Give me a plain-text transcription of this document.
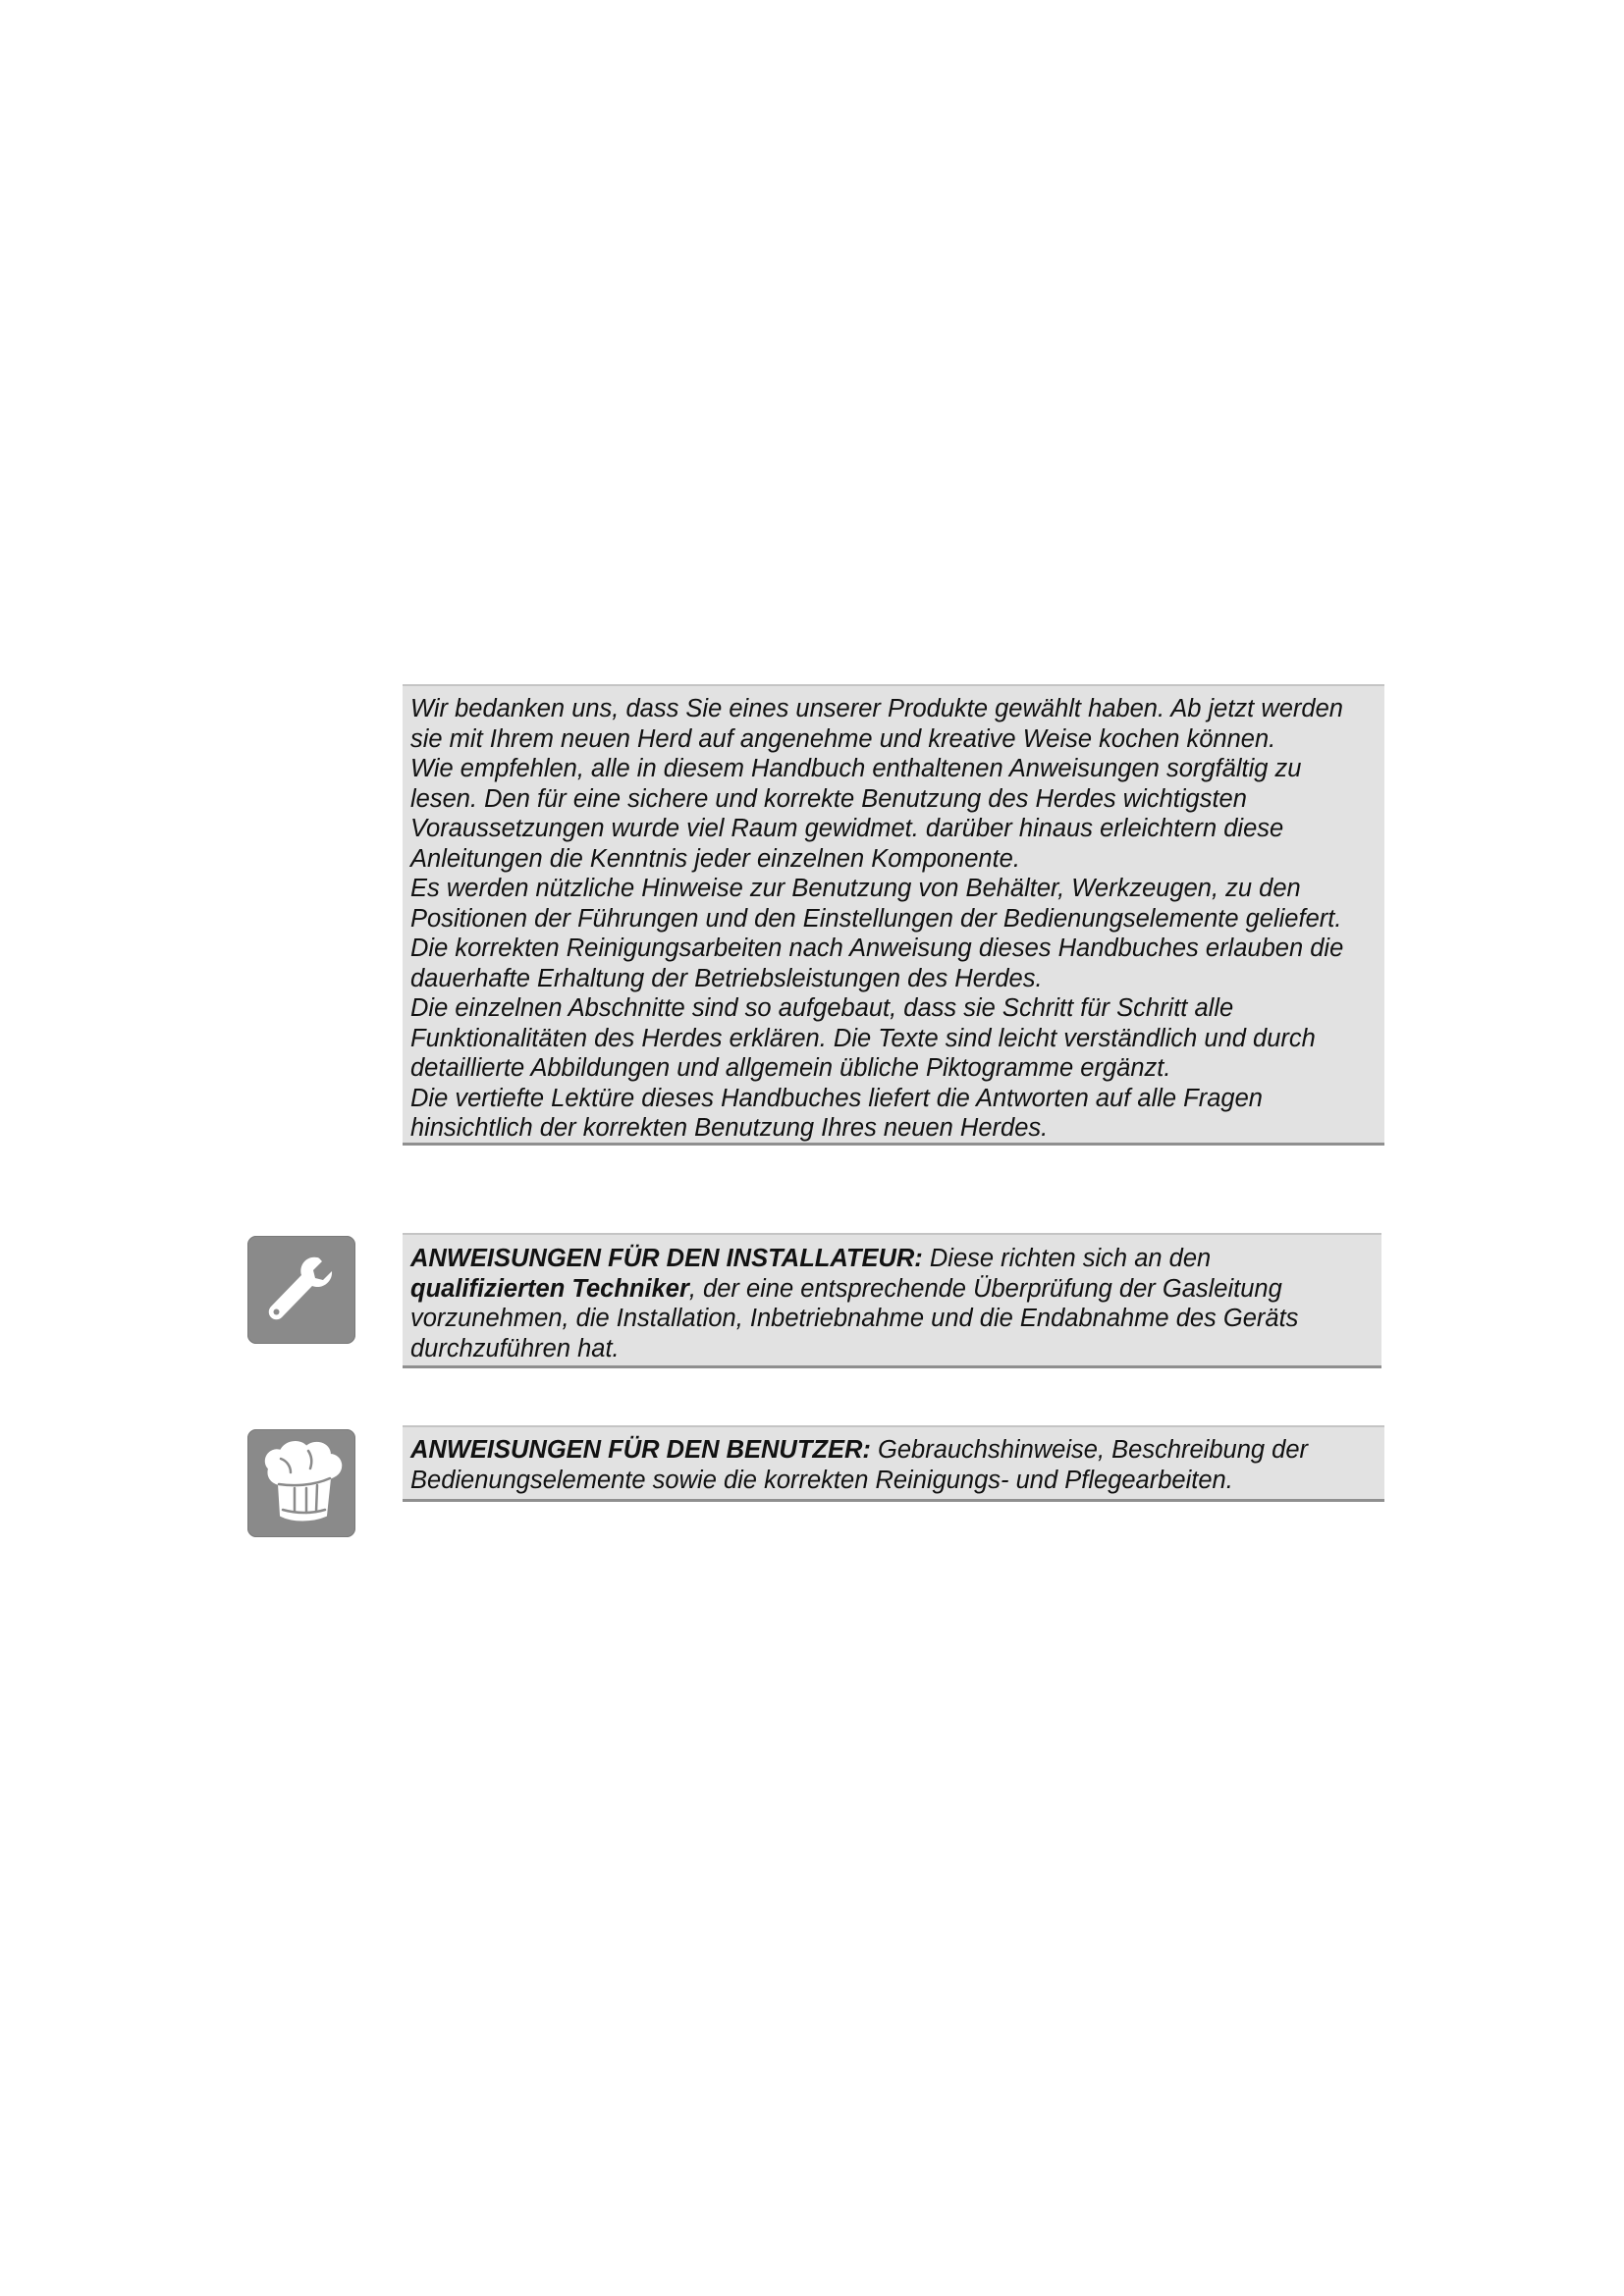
Wir bedanken uns, dass Sie eines unserer Produkte gewählt haben. Ab jetzt werden

sie mit Ihrem neuen Herd auf angenehme und kreative Weise kochen können.

Wie empfehlen, alle in diesem Handbuch enthaltenen Anweisungen sorgfältig zu

lesen. Den für eine sichere und korrekte Benutzung des Herdes wichtigsten

Voraussetzungen wurde viel Raum gewidmet. darüber hinaus erleichtern diese

Anleitungen die Kenntnis jeder einzelnen Komponente.

Es werden nützliche Hinweise zur Benutzung von Behälter, Werkzeugen, zu den

Positionen der Führungen und den Einstellungen der Bedienungselemente geliefert.

Die korrekten Reinigungsarbeiten nach Anweisung dieses Handbuches erlauben die

dauerhafte Erhaltung der Betriebsleistungen des Herdes.

Die einzelnen Abschnitte sind so aufgebaut, dass sie Schritt für Schritt alle

Funktionalitäten des Herdes erklären. Die Texte sind leicht verständlich und durch

detaillierte Abbildungen und allgemein übliche Piktogramme ergänzt.

Die vertiefte Lektüre dieses Handbuches liefert die Antworten auf alle Fragen

hinsichtlich der korrekten Benutzung Ihres neuen Herdes.

ANWEISUNGEN FÜR DEN INSTALLATEUR: Diese richten sich an den

qualifizierten Techniker, der eine entsprechende Überprüfung der Gasleitung

vorzunehmen, die Installation, Inbetriebnahme und die Endabnahme des Geräts

durchzuführen hat.

ANWEISUNGEN FÜR DEN BENUTZER: Gebrauchshinweise, Beschreibung der

Bedienungselemente sowie die korrekten Reinigungs- und Pflegearbeiten.
